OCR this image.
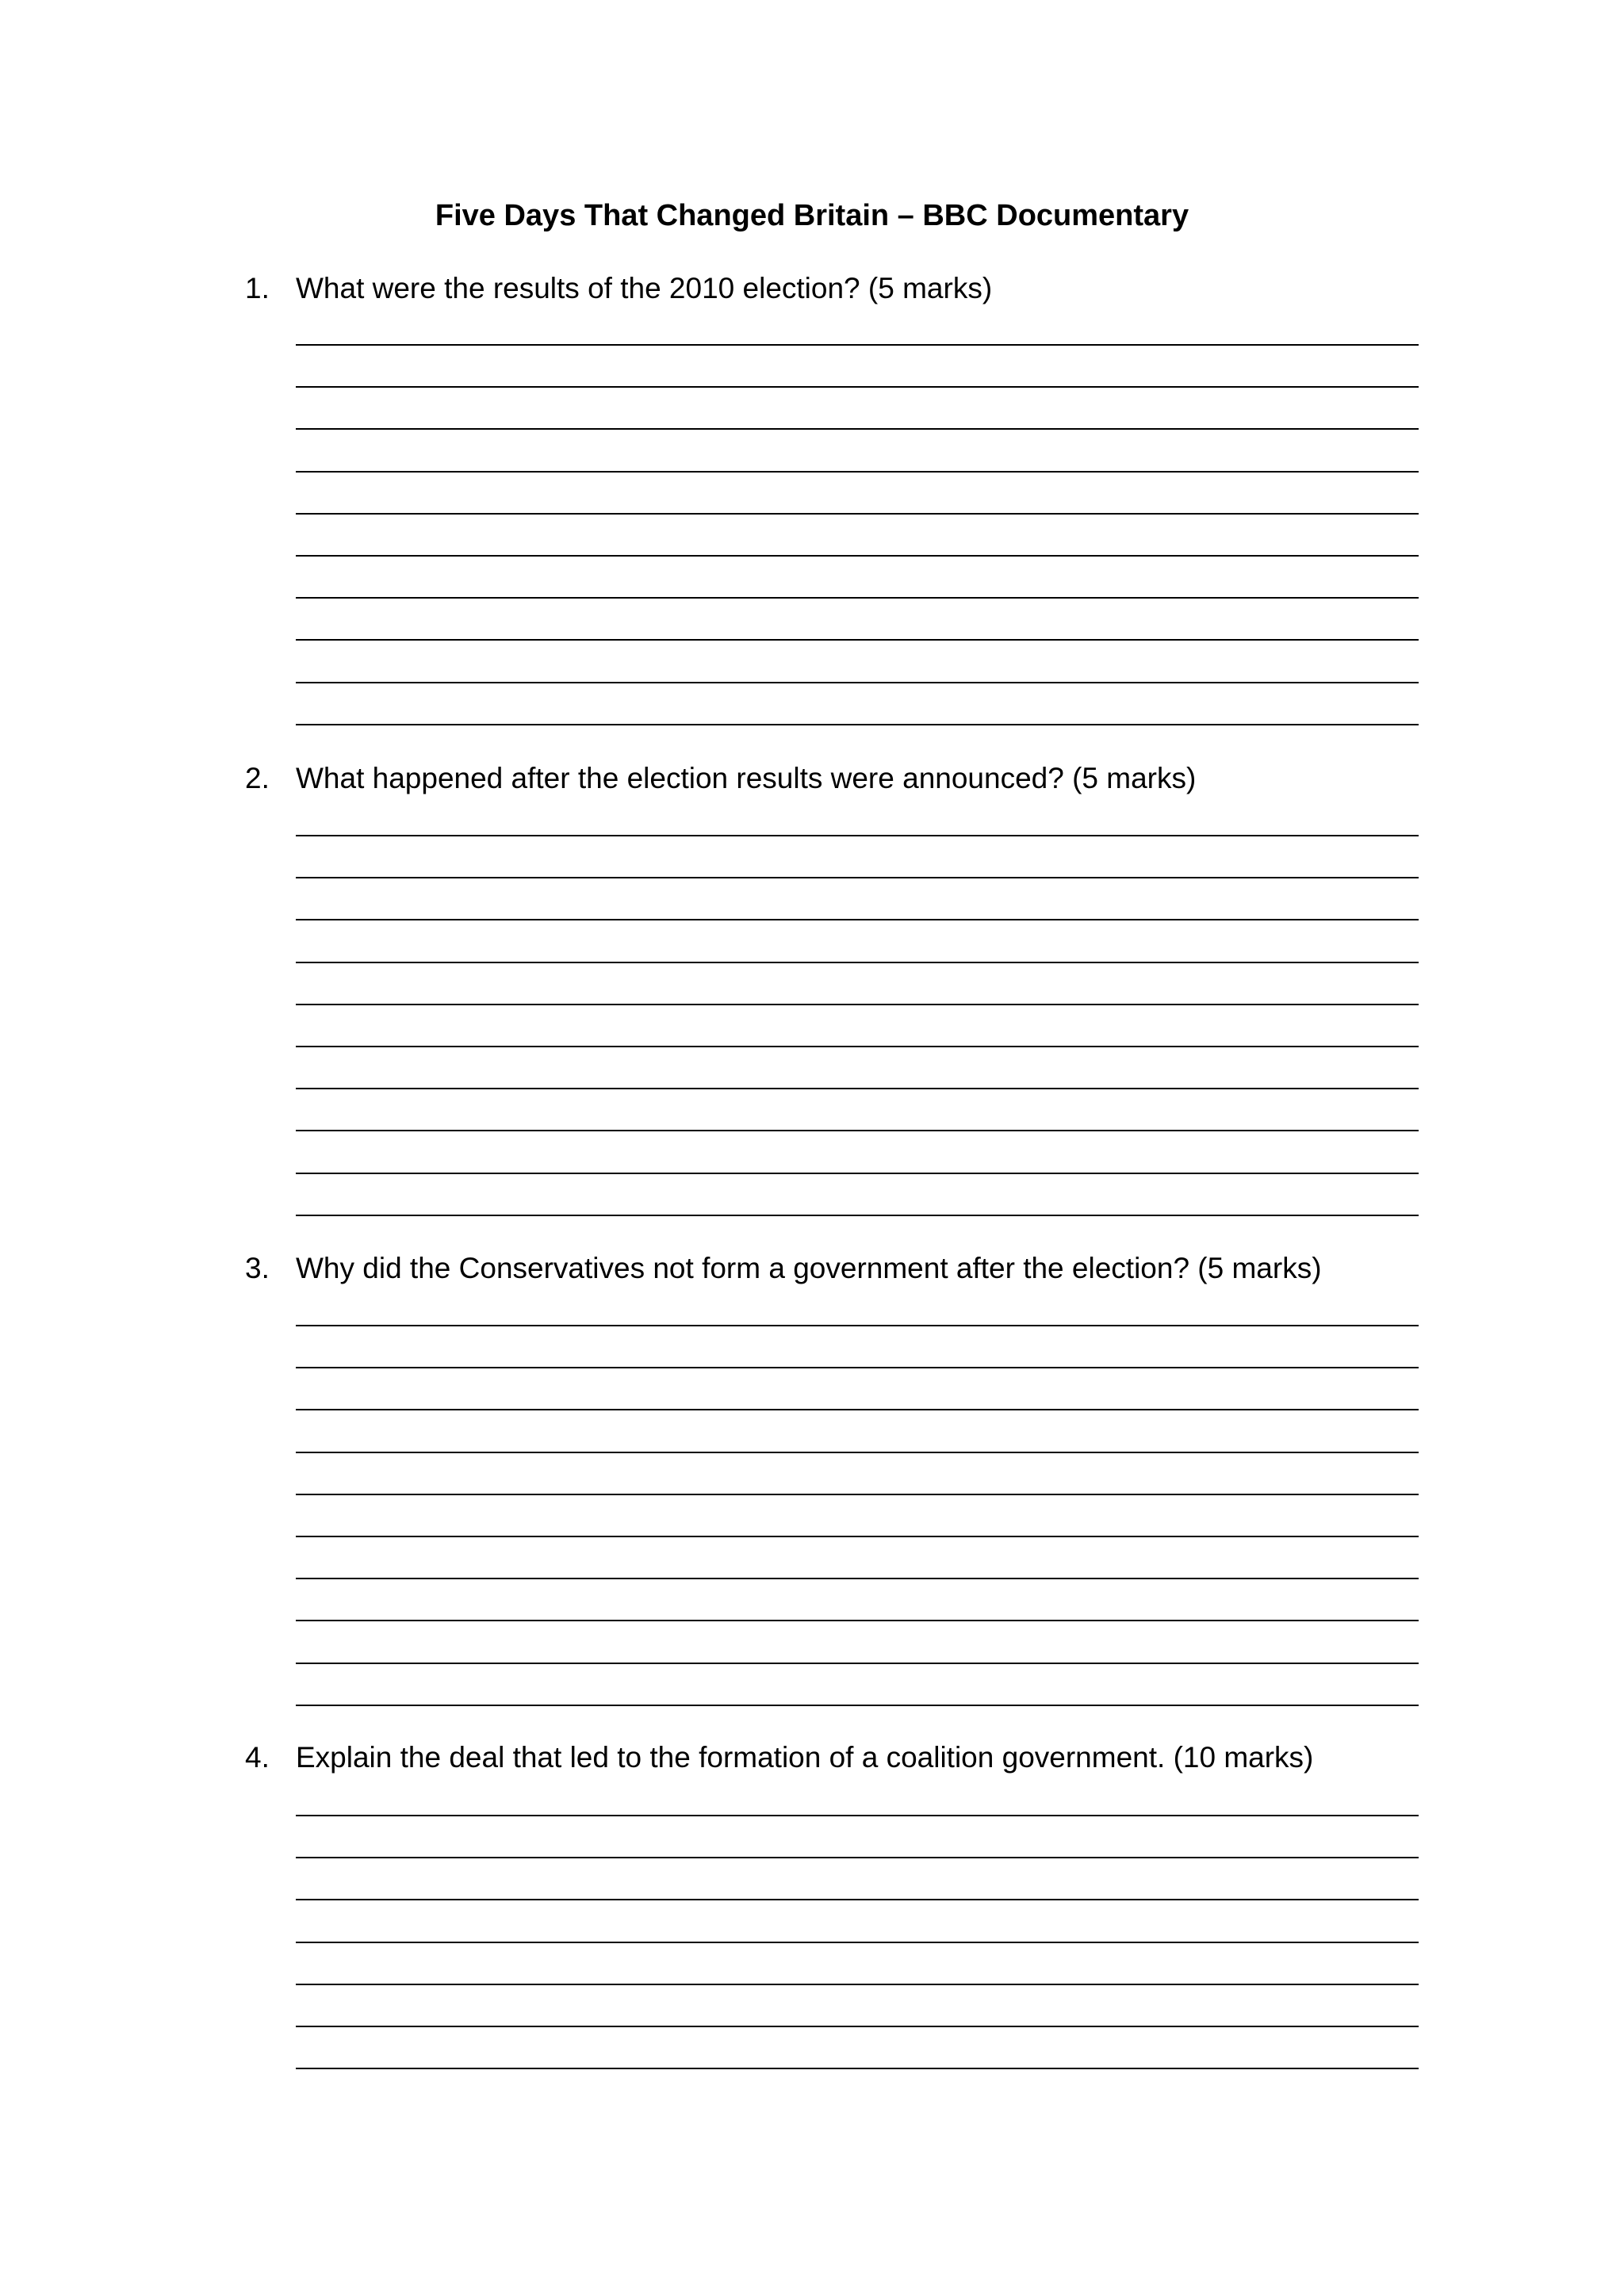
Five Days That Changed Britain – BBC Documentary
1. What were the results of the 2010 election? (5 marks)
2. What happened after the election results were announced? (5 marks)
3. Why did the Conservatives not form a government after the election? (5 marks)
4. Explain the deal that led to the formation of a coalition government. (10 marks)
